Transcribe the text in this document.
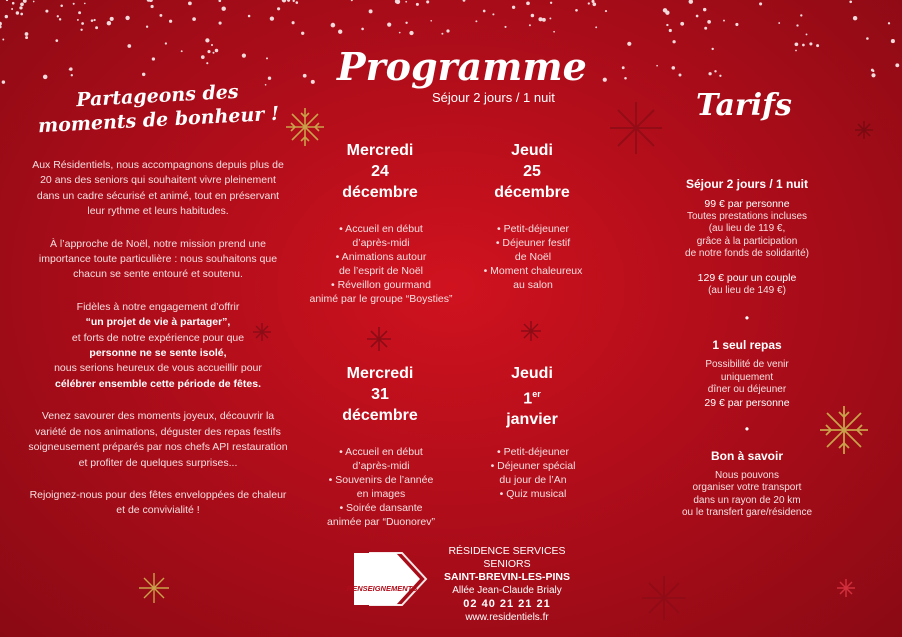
Partageons des
moments de bonheur !

Aux Résidentiels, nous accompagnons depuis plus de 20 ans des seniors qui souhaitent vivre pleinement dans un cadre sécurisé et animé, tout en préservant leur rythme et leurs habitudes.

À l’approche de Noël, notre mission prend une importance toute particulière : nous souhaitons que chacun se sente entouré et soutenu.

Fidèles à notre engagement d’offrir
“un projet de vie à partager”,
et forts de notre expérience pour que
personne ne se sente isolé,
nous serions heureux de vous accueillir pour
célébrer ensemble cette période de fêtes.

Venez savourer des moments joyeux, découvrir la variété de nos animations, déguster des repas festifs soigneusement préparés par nos chefs API restauration et profiter de quelques surprises...

Rejoignez-nous pour des fêtes enveloppées de chaleur et de convivialité !

Programme
Séjour 2 jours / 1 nuit
Mercredi
24
décembre
• Accueil en début
d’après-midi
• Animations autour
de l’esprit de Noël
• Réveillon gourmand
animé par le groupe “Boysties”
Jeudi
25
décembre
• Petit-déjeuner
• Déjeuner festif
de Noël
• Moment chaleureux
au salon
Mercredi
31
décembre
• Accueil en début
d’après-midi
• Souvenirs de l’année
en images
• Soirée dansante
animée par “Duonorev”
Jeudi
1er
janvier
• Petit-déjeuner
• Déjeuner spécial
du jour de l’An
• Quiz musical
Tarifs
Séjour 2 jours / 1 nuit
99 € par personne
Toutes prestations incluses
(au lieu de 119 €,
grâce à la participation
de notre fonds de solidarité)
129 € pour un couple
(au lieu de 149 €)
•
1 seul repas
Possibilité de venir
uniquement
dîner ou déjeuner
29 € par personne
•
Bon à savoir
Nous pouvons
organiser votre transport
dans un rayon de 20 km
ou le transfert gare/résidence
RENSEIGNEMENTS
RÉSIDENCE SERVICES SENIORS
SAINT-BREVIN-LES-PINS
Allée Jean-Claude Brialy
02 40 21 21 21
www.residentiels.fr
